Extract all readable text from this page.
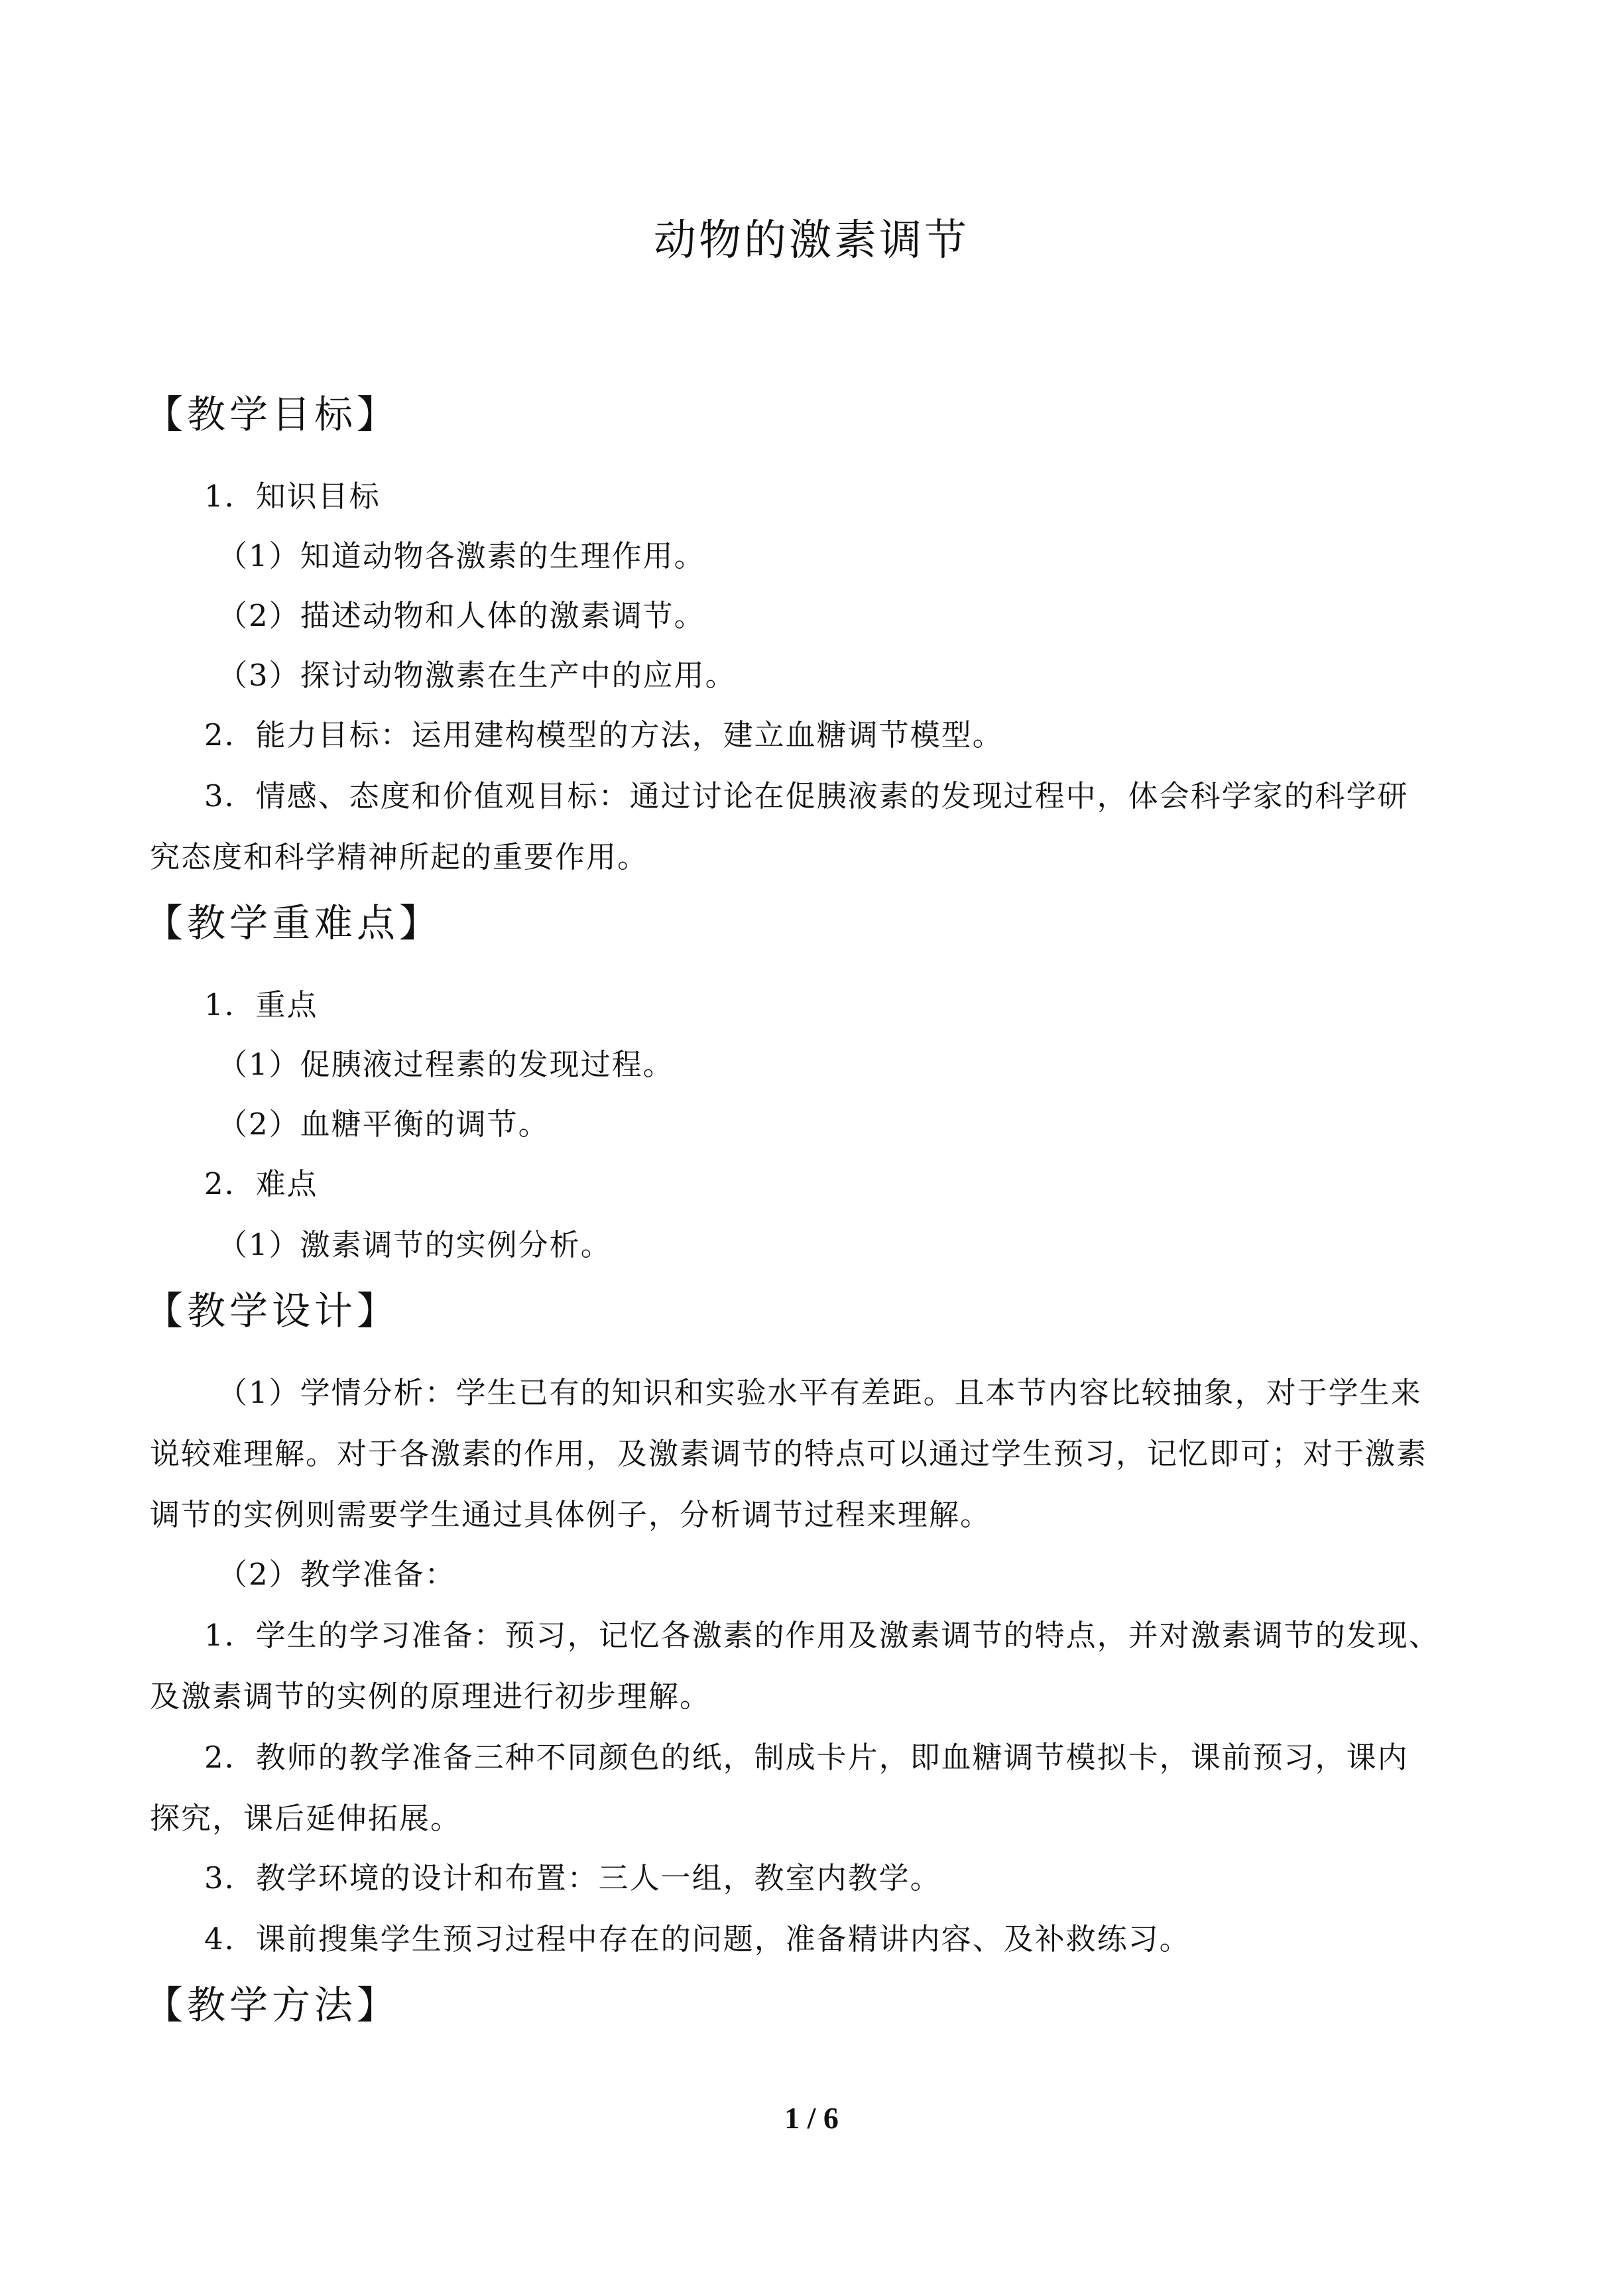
动物的激素调节
【教学目标】
1．知识目标
（1）知道动物各激素的生理作用。
（2）描述动物和人体的激素调节。
（3）探讨动物激素在生产中的应用。
2．能力目标：运用建构模型的方法，建立血糖调节模型。
3．情感、态度和价值观目标：通过讨论在促胰液素的发现过程中，体会科学家的科学研
究态度和科学精神所起的重要作用。
【教学重难点】
1．重点
（1）促胰液过程素的发现过程。
（2）血糖平衡的调节。
2．难点
（1）激素调节的实例分析。
【教学设计】
（1）学情分析：学生已有的知识和实验水平有差距。且本节内容比较抽象，对于学生来
说较难理解。对于各激素的作用，及激素调节的特点可以通过学生预习，记忆即可；对于激素
调节的实例则需要学生通过具体例子，分析调节过程来理解。
（2）教学准备：
1．学生的学习准备：预习，记忆各激素的作用及激素调节的特点，并对激素调节的发现、
及激素调节的实例的原理进行初步理解。
2．教师的教学准备三种不同颜色的纸，制成卡片，即血糖调节模拟卡，课前预习，课内
探究，课后延伸拓展。
3．教学环境的设计和布置：三人一组，教室内教学。
4．课前搜集学生预习过程中存在的问题，准备精讲内容、及补救练习。
【教学方法】
1 / 6
